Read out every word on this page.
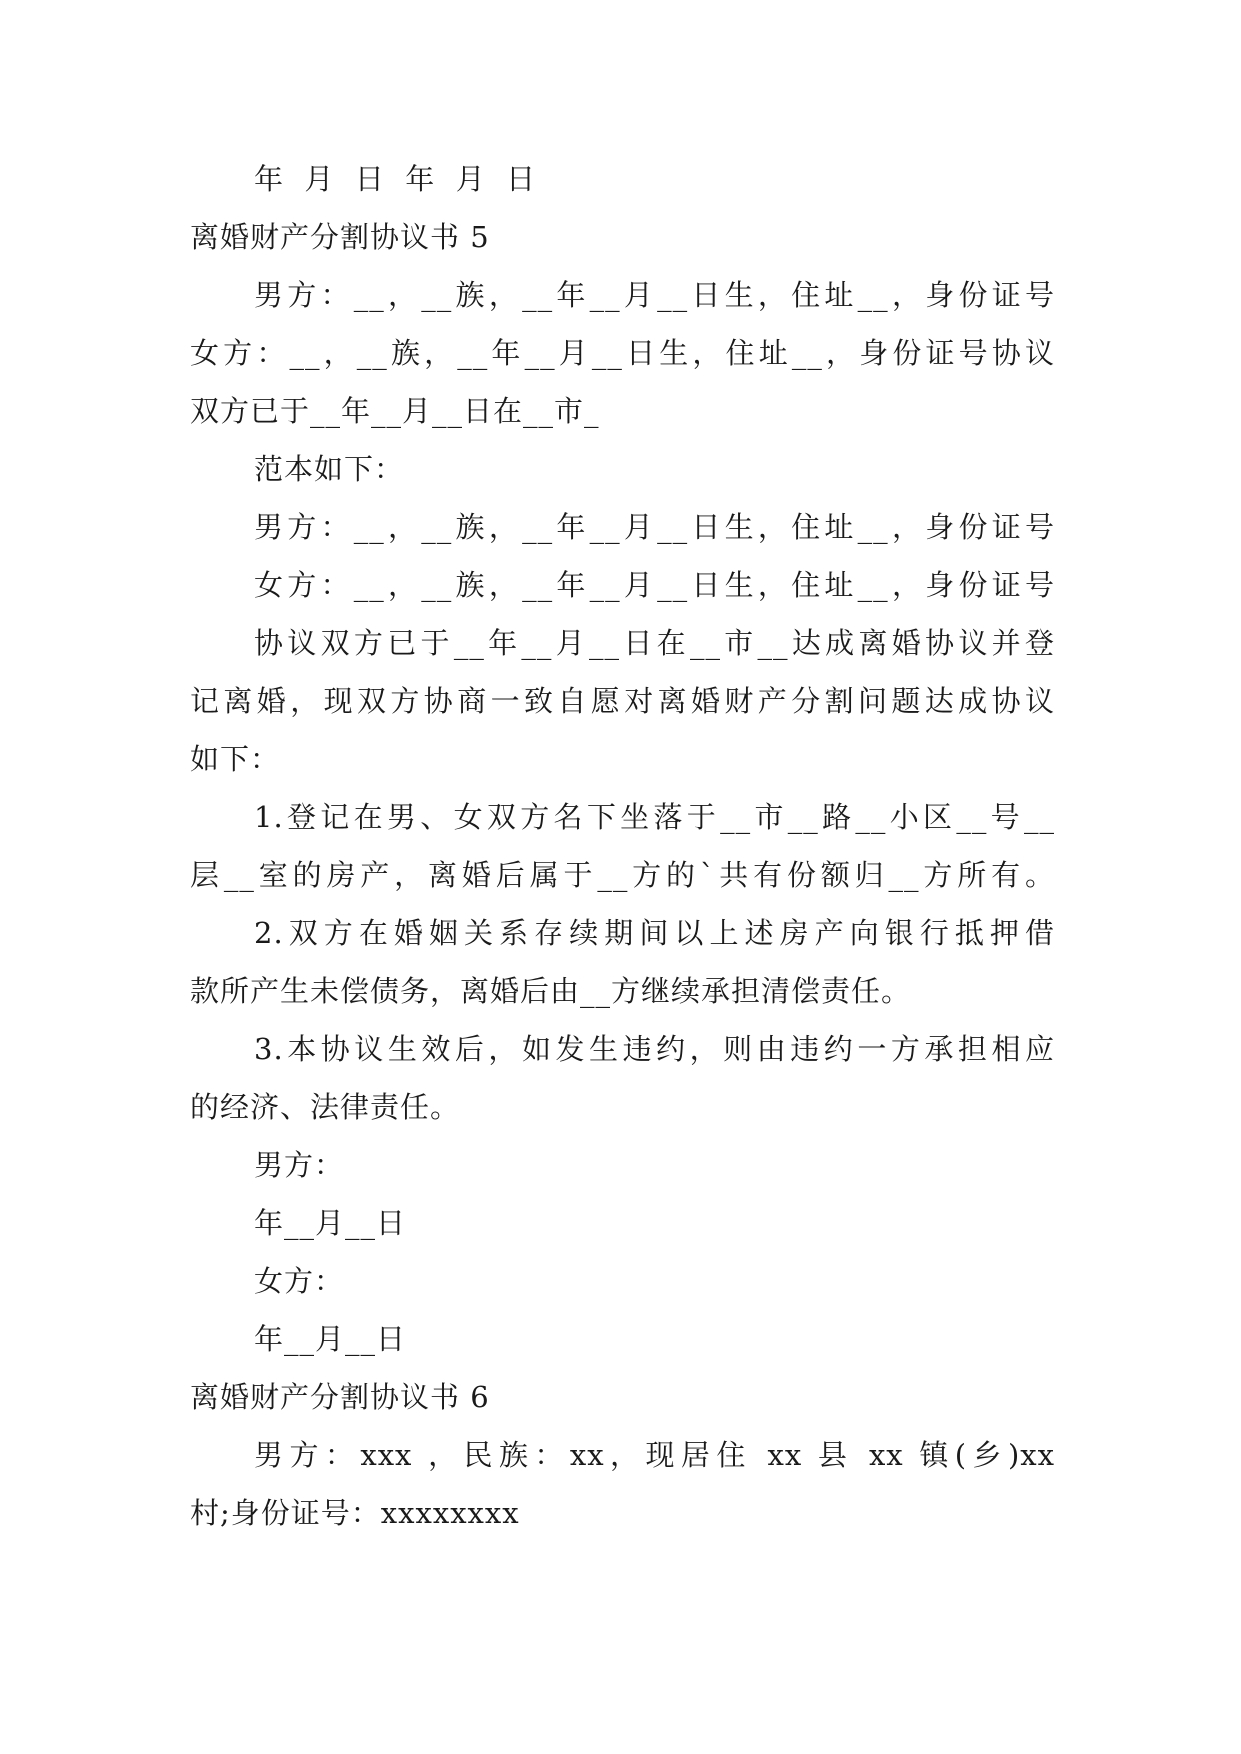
年  月  日  年  月  日
离婚财产分割协议书 5
男方：__，__族，__年__月__日生，住址__，身份证号
女方：__，__族，__年__月__日生，住址__，身份证号协议
双方已于__年__月__日在__市_
范本如下：
男方：__，__族，__年__月__日生，住址__，身份证号
女方：__，__族，__年__月__日生，住址__，身份证号
协议双方已于__年__月__日在__市__达成离婚协议并登
记离婚，现双方协商一致自愿对离婚财产分割问题达成协议
如下：
1.登记在男、女双方名下坐落于__市__路__小区__号__
层__室的房产，离婚后属于__方的`共有份额归__方所有。
2.双方在婚姻关系存续期间以上述房产向银行抵押借
款所产生未偿债务，离婚后由__方继续承担清偿责任。
3.本协议生效后，如发生违约，则由违约一方承担相应
的经济、法律责任。
男方：
年__月__日
女方：
年__月__日
离婚财产分割协议书 6
男方：xxx ，民族：xx，现居住 xx 县 xx 镇(乡)xx
村;身份证号：xxxxxxxx
